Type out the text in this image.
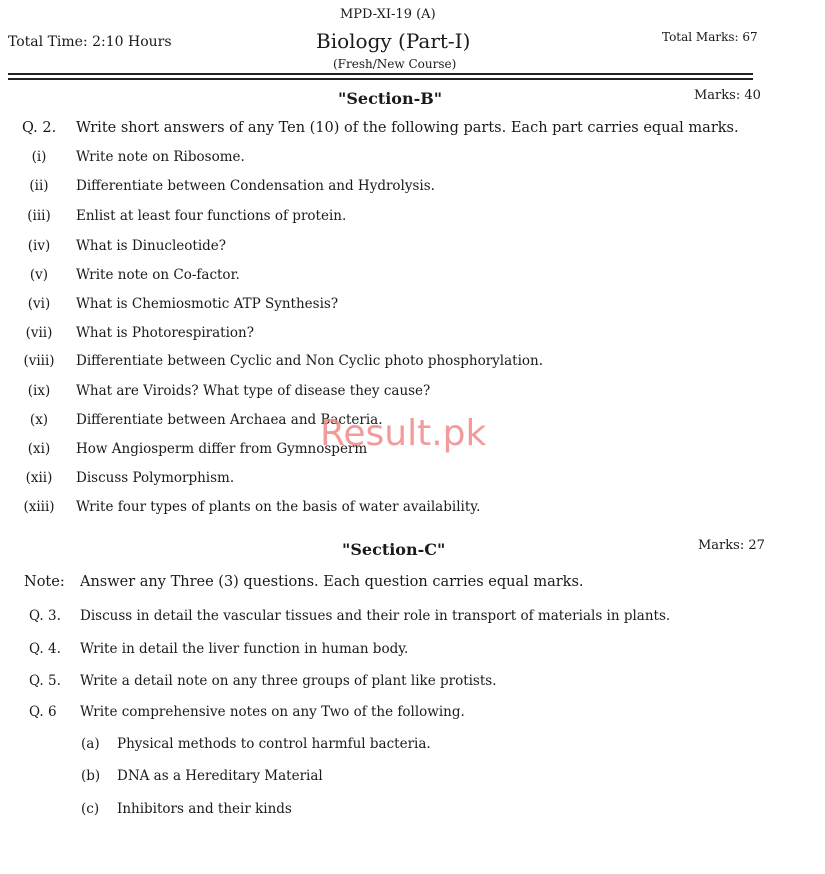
MPD-XI-19 (A)
Total Time: 2:10 Hours	Biology (Part-I)	Total Marks: 67
(Fresh/New Course)
"Section-B"	Marks: 40
Q. 2. Write short answers of any Ten (10) of the following parts. Each part carries equal marks.
(i)	Write note on Ribosome.
(ii)	Differentiate between Condensation and Hydrolysis.
(iii)	Enlist at least four functions of protein.
(iv)	What is Dinucleotide?
(v)	Write note on Co-factor.
(vi)	What is Chemiosmotic ATP Synthesis?
(vii)	What is Photorespiration?
(viii)	Differentiate between Cyclic and Non Cyclic photo phosphorylation.
(ix)	What are Viroids? What type of disease they cause?
(x)	Differentiate between Archaea and Bacteria.
(xi)	How Angiosperm differ from Gymnosperm
(xii)	Discuss Polymorphism.
(xiii)	Write four types of plants on the basis of water availability.
"Section-C"	Marks: 27
Note: Answer any Three (3) questions. Each question carries equal marks.
Q. 3. Discuss in detail the vascular tissues and their role in transport of materials in plants.
Q. 4. Write in detail the liver function in human body.
Q. 5. Write a detail note on any three groups of plant like protists.
Q. 6 Write comprehensive notes on any Two of the following.
(a) Physical methods to control harmful bacteria.
(b) DNA as a Hereditary Material
(c) Inhibitors and their kinds
Result.pk
